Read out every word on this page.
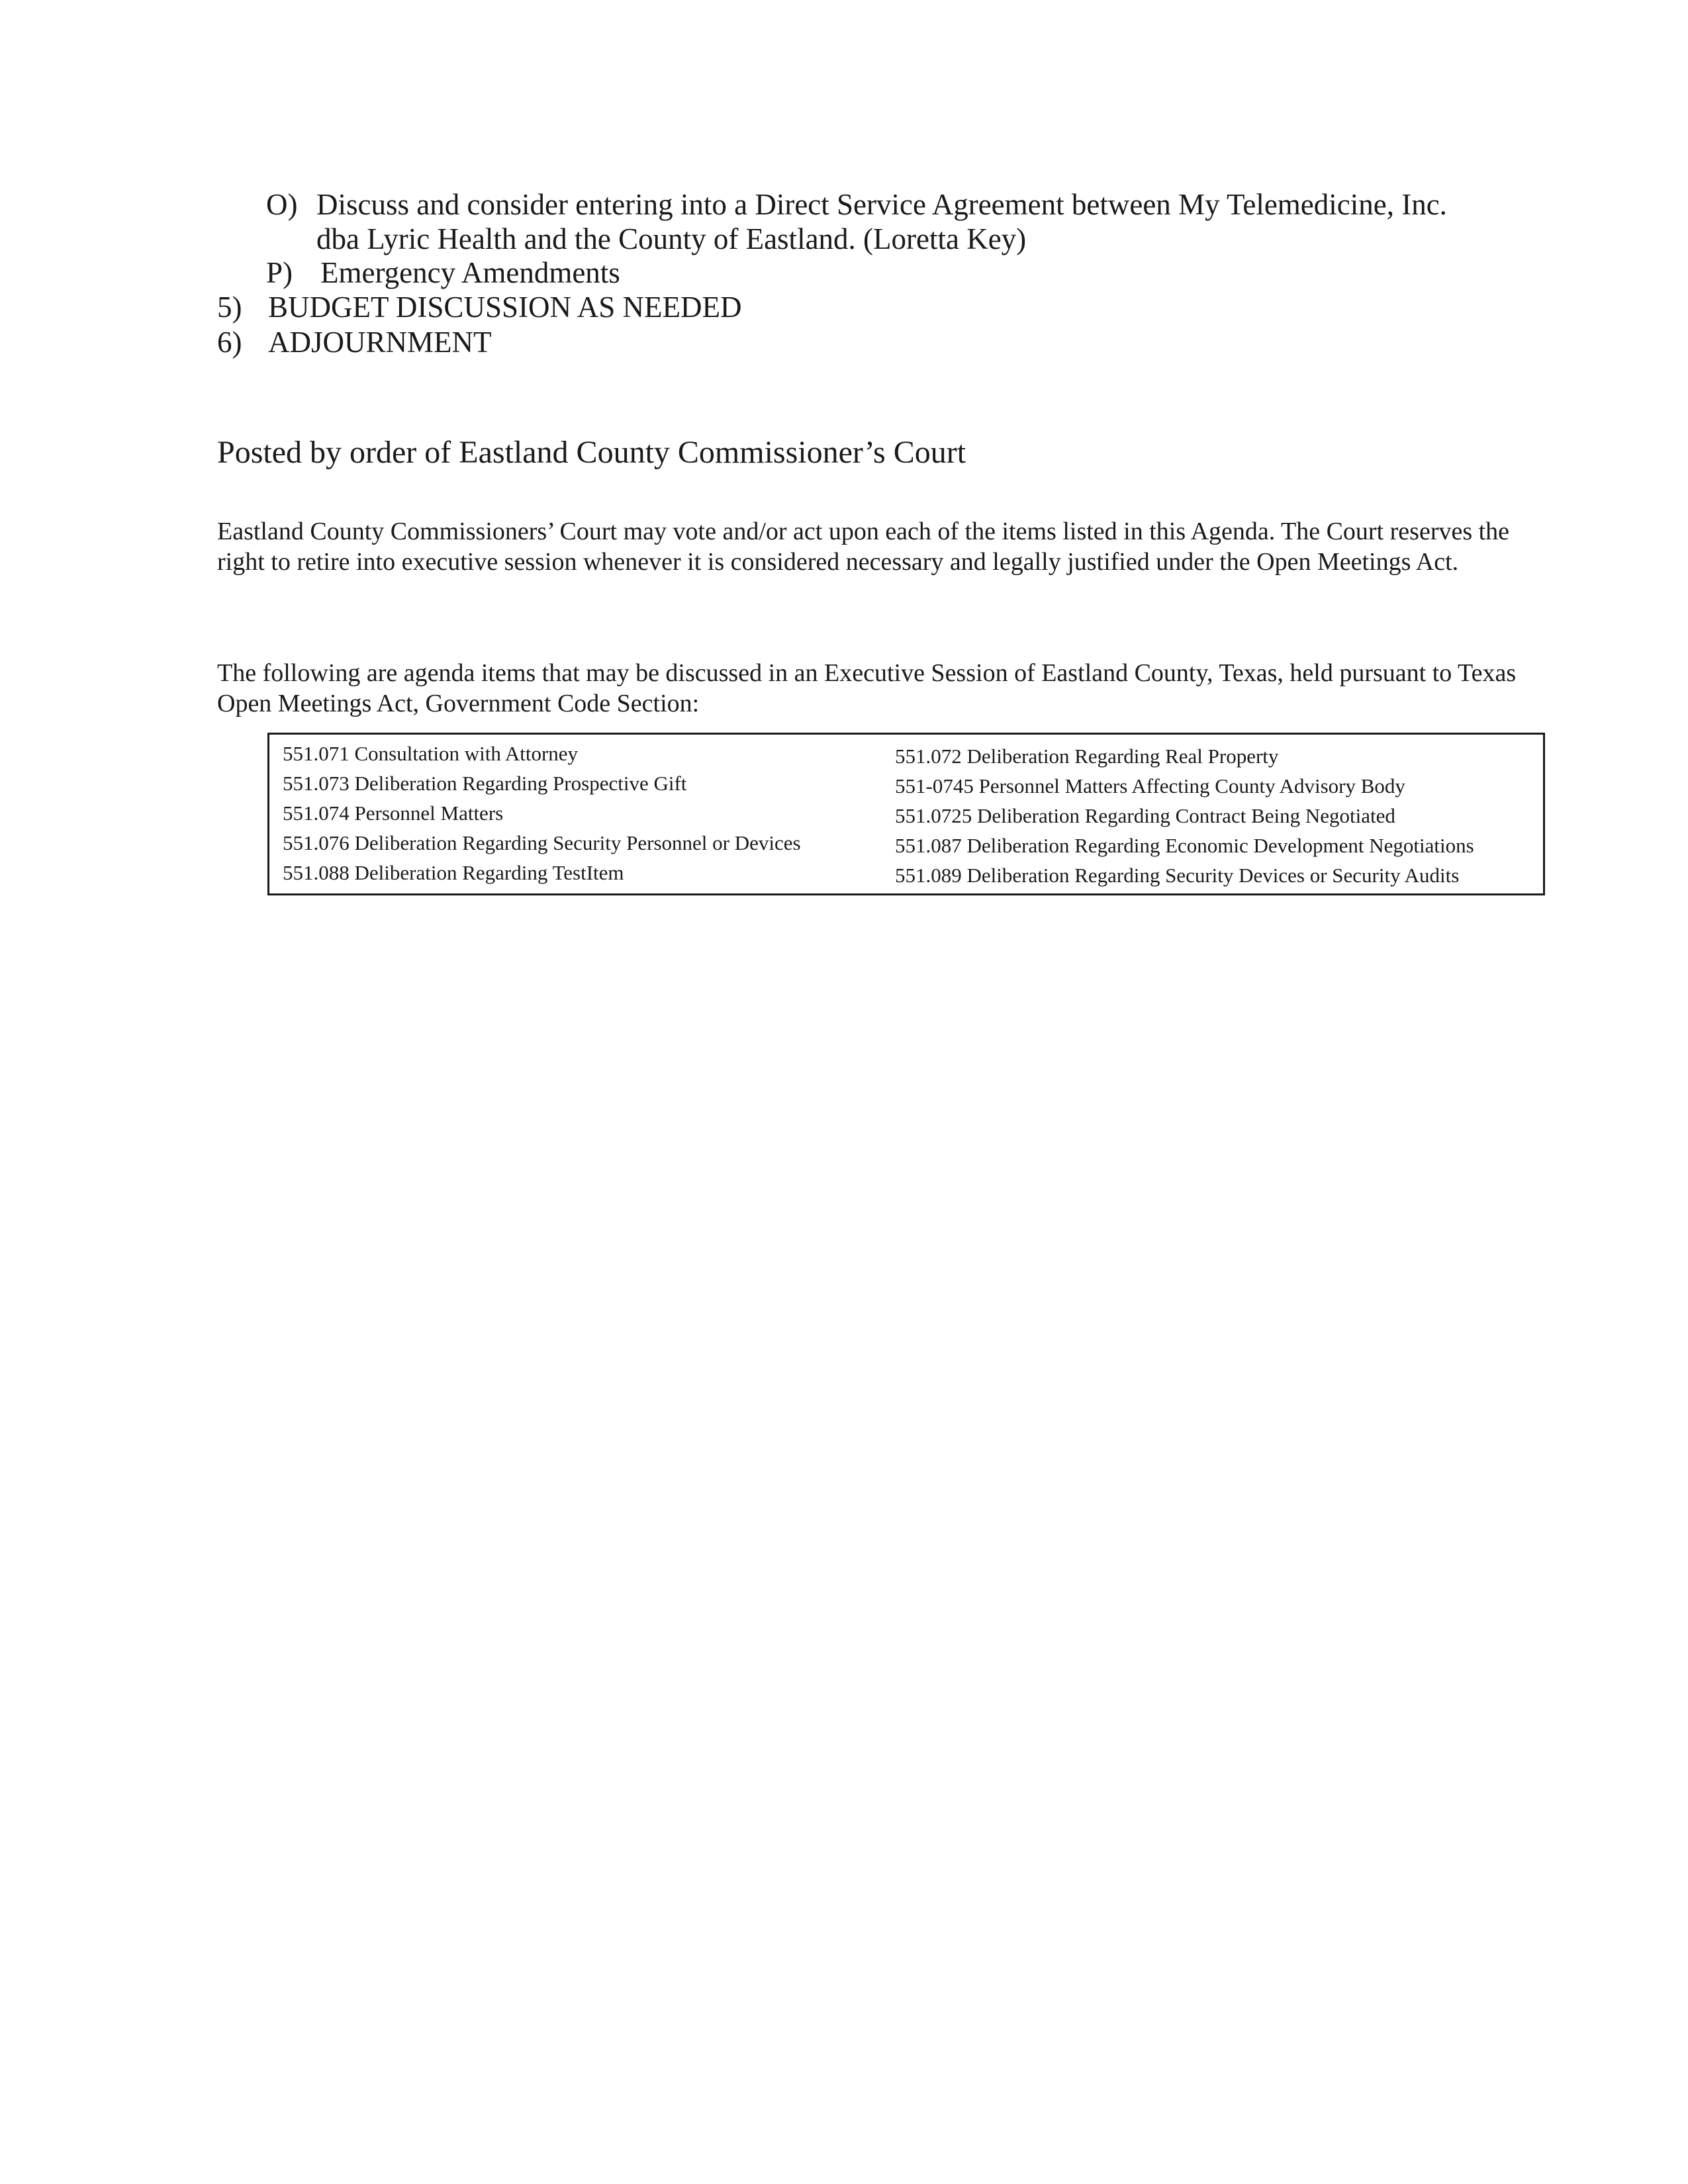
O) Discuss and consider entering into a Direct Service Agreement between My Telemedicine, Inc.
dba Lyric Health and the County of Eastland. (Loretta Key)
P) Emergency Amendments
5) BUDGET DISCUSSION AS NEEDED
6) ADJOURNMENT
Posted by order of Eastland County Commissioner’s Court

Eastland County Commissioners’ Court may vote and/or act upon each of the items listed in this Agenda. The Court reserves the right to retire into executive session whenever it is considered necessary and legally justified under the Open Meetings Act.

The following are agenda items that may be discussed in an Executive Session of Eastland County, Texas, held pursuant to Texas Open Meetings Act, Government Code Section:

551.071 Consultation with Attorney
551.073 Deliberation Regarding Prospective Gift
551.074 Personnel Matters
551.076 Deliberation Regarding Security Personnel or Devices
551.088 Deliberation Regarding TestItem
551.072 Deliberation Regarding Real Property
551-0745 Personnel Matters Affecting County Advisory Body
551.0725 Deliberation Regarding Contract Being Negotiated
551.087 Deliberation Regarding Economic Development Negotiations
551.089 Deliberation Regarding Security Devices or Security Audits
